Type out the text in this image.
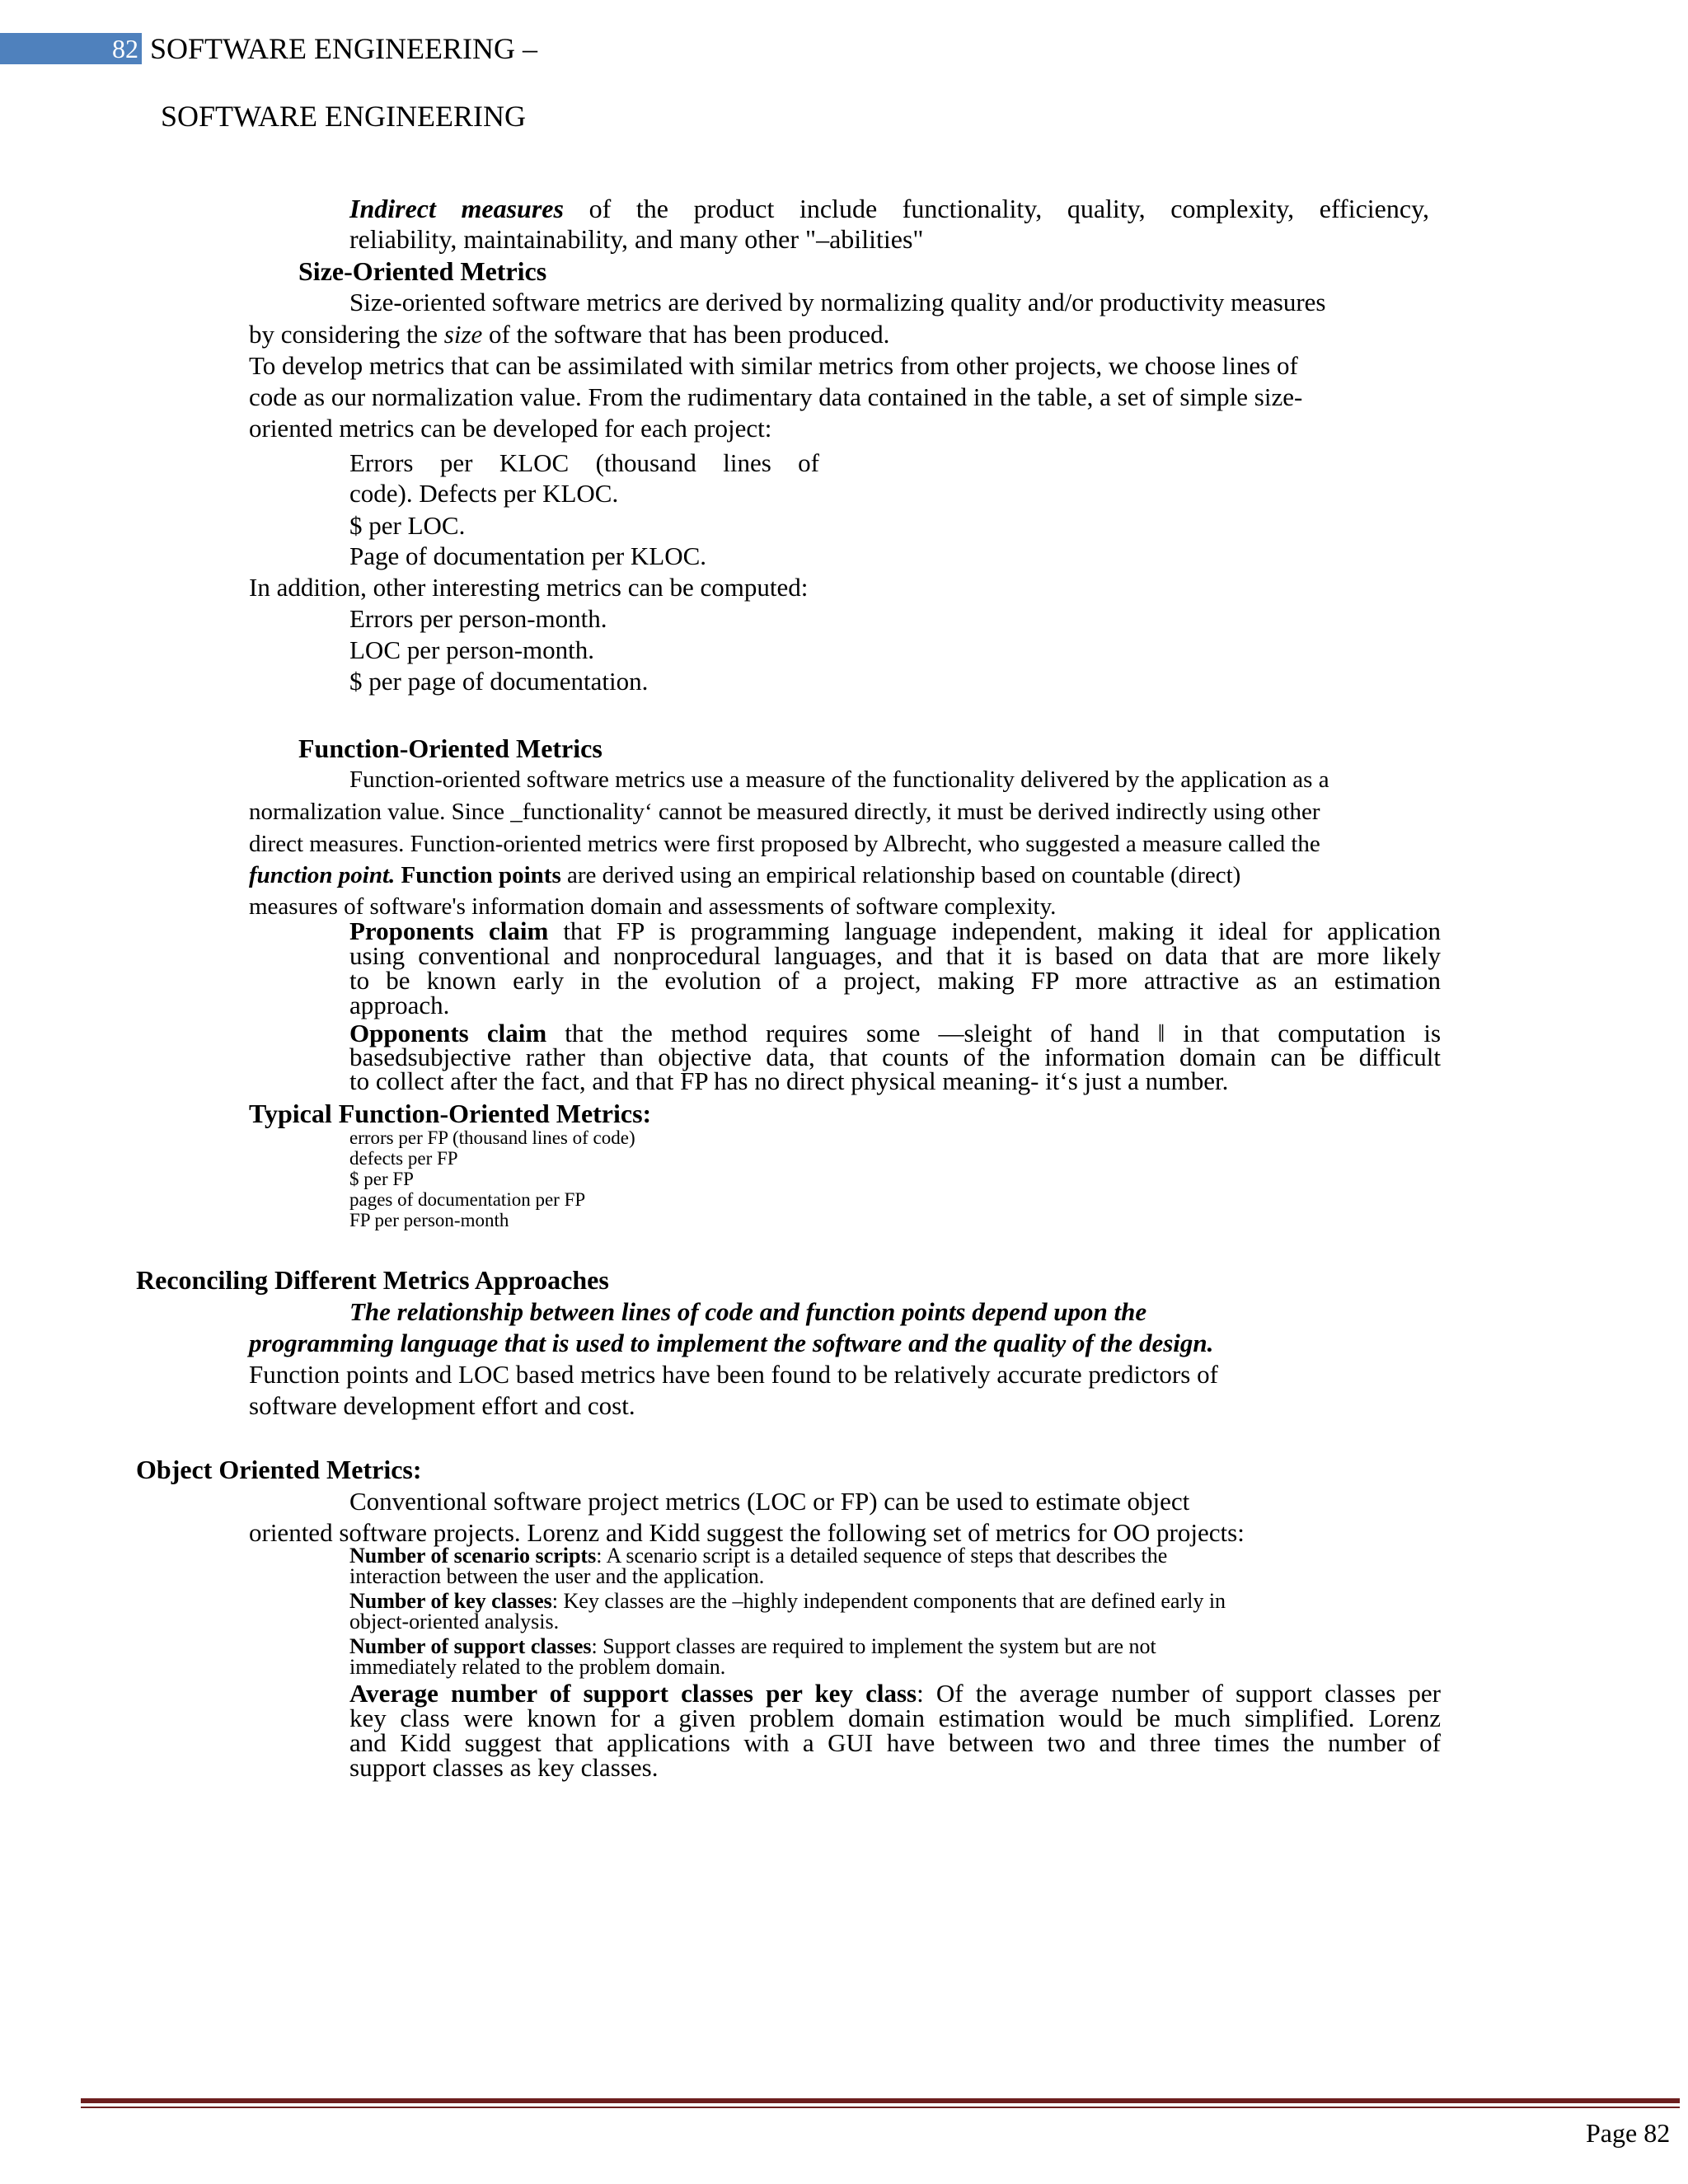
82 SOFTWARE ENGINEERING –
SOFTWARE ENGINEERING
Indirect measures of the product include functionality, quality, complexity, efficiency,
reliability, maintainability, and many other "–abilities"
Size-Oriented Metrics
Size-oriented software metrics are derived by normalizing quality and/or productivity measures
by considering the size of the software that has been produced.
To develop metrics that can be assimilated with similar metrics from other projects, we choose lines of
code as our normalization value. From the rudimentary data contained in the table, a set of simple size-
oriented metrics can be developed for each project:
Errors per KLOC (thousand lines of
code). Defects per KLOC.
$ per LOC.
Page of documentation per KLOC.
In addition, other interesting metrics can be computed:
Errors per person-month.
LOC per person-month.
$ per page of documentation.
Function-Oriented Metrics
Function-oriented software metrics use a measure of the functionality delivered by the application as a
normalization value. Since _functionality‘ cannot be measured directly, it must be derived indirectly using other
direct measures. Function-oriented metrics were first proposed by Albrecht, who suggested a measure called the
function point. Function points are derived using an empirical relationship based on countable (direct)
measures of software's information domain and assessments of software complexity.
Proponents claim that FP is programming language independent, making it ideal for application
using conventional and nonprocedural languages, and that it is based on data that are more likely
to be known early in the evolution of a project, making FP more attractive as an estimation
approach.
Opponents claim that the method requires some ―sleight of hand ‖ in that computation is
basedsubjective rather than objective data, that counts of the information domain can be difficult
to collect after the fact, and that FP has no direct physical meaning- it‘s just a number.
Typical Function-Oriented Metrics:
errors per FP (thousand lines of code)
defects per FP
$ per FP
pages of documentation per FP
FP per person-month
Reconciling Different Metrics Approaches
The relationship between lines of code and function points depend upon the
programming language that is used to implement the software and the quality of the design.
Function points and LOC based metrics have been found to be relatively accurate predictors of
software development effort and cost.
Object Oriented Metrics:
Conventional software project metrics (LOC or FP) can be used to estimate object
oriented software projects. Lorenz and Kidd suggest the following set of metrics for OO projects:
Number of scenario scripts: A scenario script is a detailed sequence of steps that describes the
interaction between the user and the application.
Number of key classes: Key classes are the –highly independent components that are defined early in
object-oriented analysis.
Number of support classes: Support classes are required to implement the system but are not
immediately related to the problem domain.
Average number of support classes per key class: Of the average number of support classes per
key class were known for a given problem domain estimation would be much simplified. Lorenz
and Kidd suggest that applications with a GUI have between two and three times the number of
support classes as key classes.
Page 82
